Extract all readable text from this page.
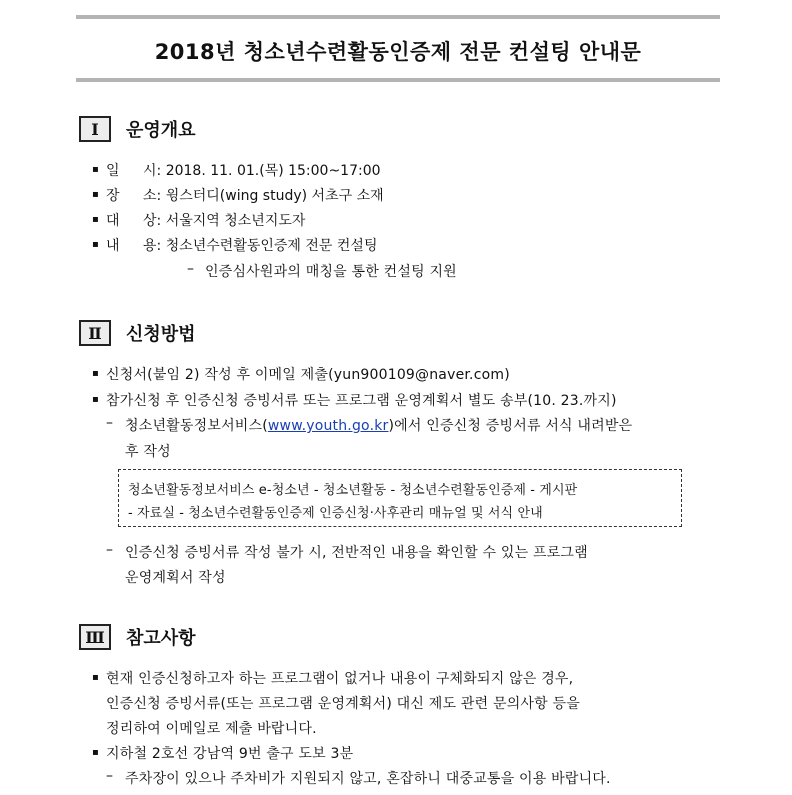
2018년 청소년수련활동인증제 전문 컨설팅 안내문
Ⅰ	운영개요
▪ 일 시: 2018. 11. 01.(목) 15:00~17:00
▪ 장 소: 윙스터디(wing study) 서초구 소재
▪ 대 상: 서울지역 청소년지도자
▪ 내 용: 청소년수련활동인증제 전문 컨설팅
– 인증심사원과의 매칭을 통한 컨설팅 지원
Ⅱ	신청방법
▪ 신청서(붙임 2) 작성 후 이메일 제출(yun900109@naver.com)
▪ 참가신청 후 인증신청 증빙서류 또는 프로그램 운영계획서 별도 송부(10. 23.까지)
– 청소년활동정보서비스(www.youth.go.kr)에서 인증신청 증빙서류 서식 내려받은
후 작성
청소년활동정보서비스 e-청소년 - 청소년활동 - 청소년수련활동인증제 - 게시판
- 자료실 - 청소년수련활동인증제 인증신청·사후관리 매뉴얼 및 서식 안내
– 인증신청 증빙서류 작성 불가 시, 전반적인 내용을 확인할 수 있는 프로그램
운영계획서 작성
Ⅲ	참고사항
▪ 현재 인증신청하고자 하는 프로그램이 없거나 내용이 구체화되지 않은 경우,
인증신청 증빙서류(또는 프로그램 운영계획서) 대신 제도 관련 문의사항 등을
정리하여 이메일로 제출 바랍니다.
▪ 지하철 2호선 강남역 9번 출구 도보 3분
– 주차장이 있으나 주차비가 지원되지 않고, 혼잡하니 대중교통을 이용 바랍니다.
